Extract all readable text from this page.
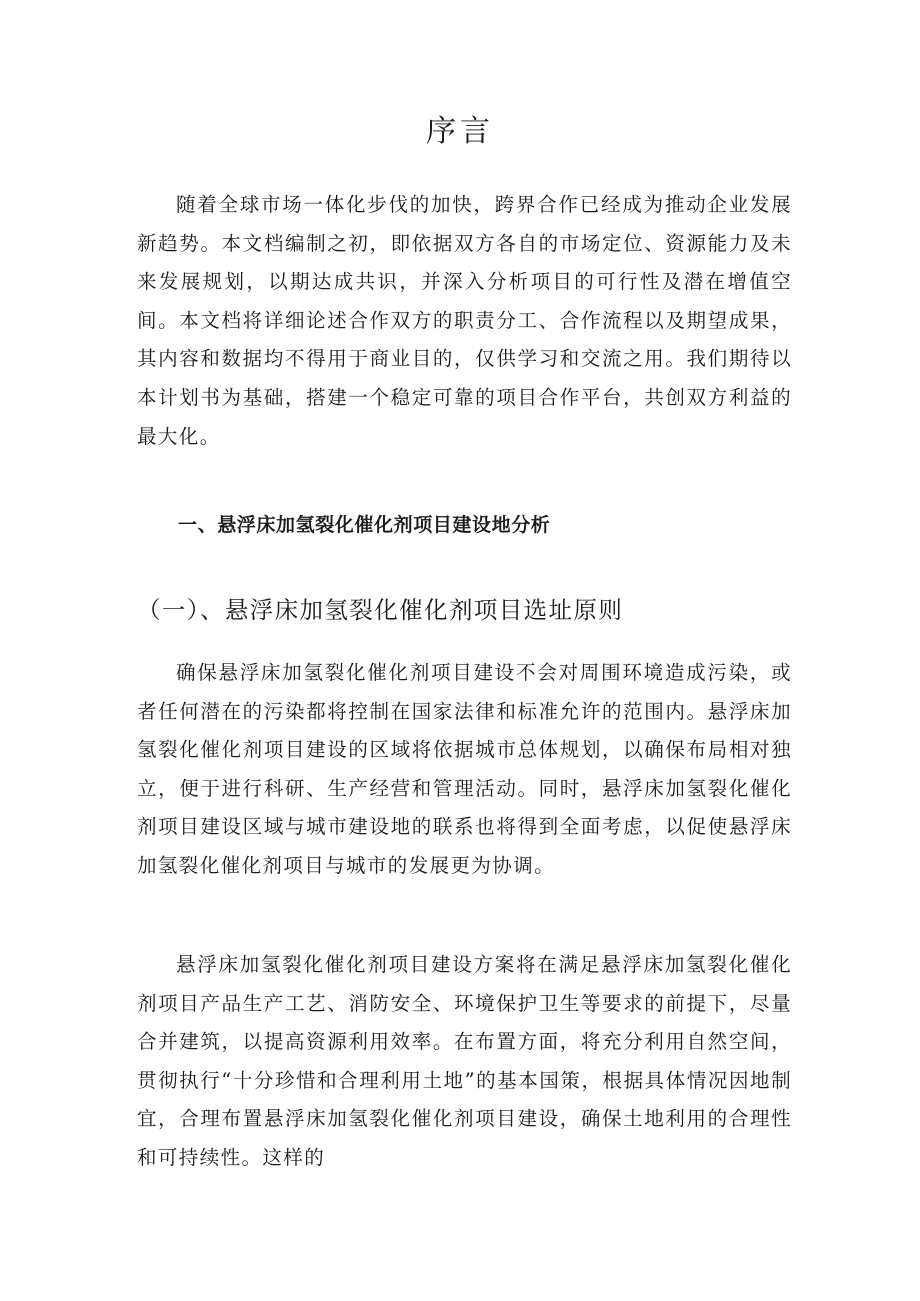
序言

随着全球市场一体化步伐的加快，跨界合作已经成为推动企业发展新趋势。本文档编制之初，即依据双方各自的市场定位、资源能力及未来发展规划，以期达成共识，并深入分析项目的可行性及潜在增值空间。本文档将详细论述合作双方的职责分工、合作流程以及期望成果，其内容和数据均不得用于商业目的，仅供学习和交流之用。我们期待以本计划书为基础，搭建一个稳定可靠的项目合作平台，共创双方利益的最大化。

一、悬浮床加氢裂化催化剂项目建设地分析
（一）、悬浮床加氢裂化催化剂项目选址原则

确保悬浮床加氢裂化催化剂项目建设不会对周围环境造成污染，或者任何潜在的污染都将控制在国家法律和标准允许的范围内。悬浮床加氢裂化催化剂项目建设的区域将依据城市总体规划，以确保布局相对独立，便于进行科研、生产经营和管理活动。同时，悬浮床加氢裂化催化剂项目建设区域与城市建设地的联系也将得到全面考虑，以促使悬浮床加氢裂化催化剂项目与城市的发展更为协调。

悬浮床加氢裂化催化剂项目建设方案将在满足悬浮床加氢裂化催化剂项目产品生产工艺、消防安全、环境保护卫生等要求的前提下，尽量合并建筑，以提高资源利用效率。在布置方面，将充分利用自然空间，贯彻执行“十分珍惜和合理利用土地”的基本国策，根据具体情况因地制宜，合理布置悬浮床加氢裂化催化剂项目建设，确保土地利用的合理性和可持续性。这样的
